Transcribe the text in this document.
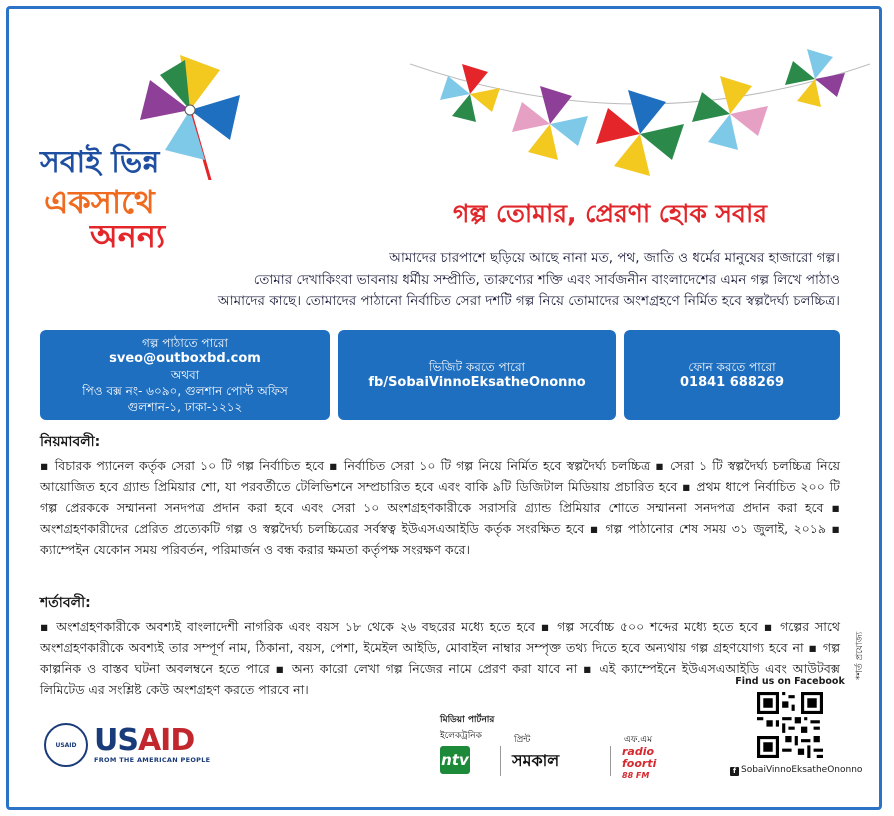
সবাই ভিন্ন
একসাথে
অনন্য
গল্প তোমার, প্রেরণা হোক সবার

আমাদের চারপাশে ছড়িয়ে আছে নানা মত, পথ, জাতি ও ধর্মের মানুষের হাজারো গল্প।

তোমার দেখাকিংবা ভাবনায় ধর্মীয় সম্প্রীতি, তারুণ্যের শক্তি এবং সার্বজনীন বাংলাদেশের এমন গল্প লিখে পাঠাও

আমাদের কাছে। তোমাদের পাঠানো নির্বাচিত সেরা দশটি গল্প নিয়ে তোমাদের অংশগ্রহণে নির্মিত হবে স্বল্পদৈর্ঘ্য চলচ্চিত্র।

গল্প পাঠাতে পারো
sveo@outboxbd.com
অথবা
পিও বক্স নং- ৬০৯০, গুলশান পোস্ট অফিস
গুলশান-১, ঢাকা-১২১২
ভিজিট করতে পারো
fb/SobaiVinnoEksatheOnonno
ফোন করতে পারো
01841 688269
নিয়মাবলী:

▪ বিচারক প্যানেল কর্তৃক সেরা ১০ টি গল্প নির্বাচিত হবে ▪ নির্বাচিত সেরা ১০ টি গল্প নিয়ে নির্মিত হবে স্বল্পদৈর্ঘ্য চলচ্চিত্র ▪ সেরা ১ টি স্বল্পদৈর্ঘ্য চলচ্চিত্র নিয়ে আয়োজিত হবে গ্র্যান্ড প্রিমিয়ার শো, যা পরবর্তীতে টেলিভিশনে সম্প্রচারিত হবে এবং বাকি ৯টি ডিজিটাল মিডিয়ায় প্রচারিত হবে ▪ প্রথম ধাপে নির্বাচিত ২০০ টি গল্প প্রেরককে সম্মাননা সনদপত্র প্রদান করা হবে এবং সেরা ১০ অংশগ্রহণকারীকে সরাসরি গ্র্যান্ড প্রিমিয়ার শোতে সম্মাননা সনদপত্র প্রদান করা হবে ▪ অংশগ্রহণকারীদের প্রেরিত প্রত্যেকটি গল্প ও স্বল্পদৈর্ঘ্য চলচ্চিত্রের সর্বস্বত্ব ইউএসএআইডি কর্তৃক সংরক্ষিত হবে ▪ গল্প পাঠানোর শেষ সময় ৩১ জুলাই, ২০১৯ ▪ ক্যাম্পেইন যেকোন সময় পরিবর্তন, পরিমার্জন ও বন্ধ করার ক্ষমতা কর্তৃপক্ষ সংরক্ষণ করে।

শর্তাবলী:

▪ অংশগ্রহণকারীকে অবশ্যই বাংলাদেশী নাগরিক এবং বয়স ১৮ থেকে ২৬ বছরের মধ্যে হতে হবে ▪ গল্প সর্বোচ্চ ৫০০ শব্দের মধ্যে হতে হবে ▪ গল্পের সাথে অংশগ্রহণকারীকে অবশ্যই তার সম্পূর্ণ নাম, ঠিকানা, বয়স, পেশা, ইমেইল আইডি, মোবাইল নাম্বার সম্পৃক্ত তথ্য দিতে হবে অন্যথায় গল্প গ্রহণযোগ্য হবে না ▪ গল্প কাল্পনিক ও বাস্তব ঘটনা অবলম্বনে হতে পারে ▪ অন্য কারো লেখা গল্প নিজের নামে প্রেরণ করা যাবে না ▪ এই ক্যাম্পেইনে ইউএসএআইডি এবং আউটবক্স লিমিটেড এর সংশ্লিষ্ট কেউ অংশগ্রহণ করতে পারবে না।

*শর্ত প্রযোজ্য
USAID USAID
FROM THE AMERICAN PEOPLE
মিডিয়া পার্টনার
ইলেকট্রনিক	প্রিন্ট	এফ.এম
ntv	সমকাল	radio
foorti
88 FM
Find us on Facebook
f SobaiVinnoEksatheOnonno
